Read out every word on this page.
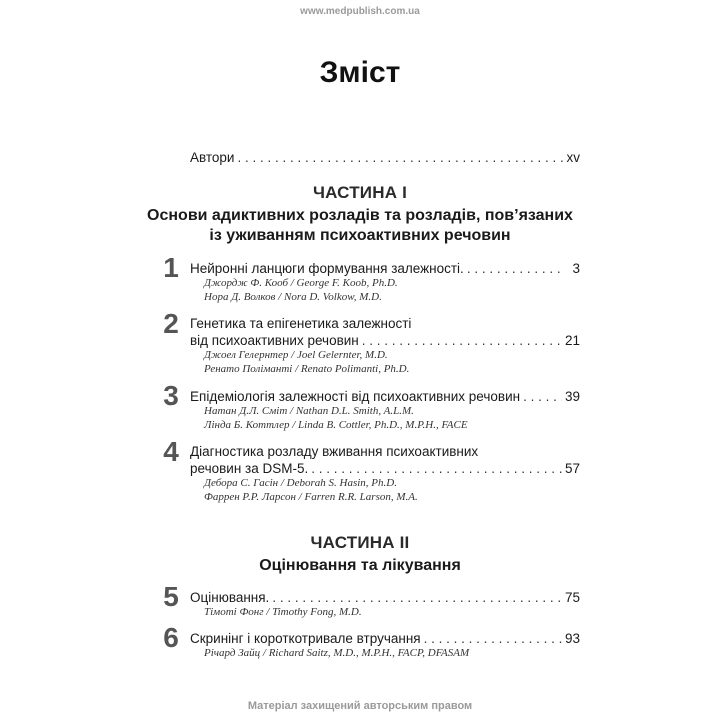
www.medpublish.com.ua
Зміст
Автори . . .	xv
ЧАСТИНА I
Основи адиктивних розладів та розладів, пов’язаних
із уживанням психоактивних речовин
1 Нейронні ланцюги формування залежності. . . .	3
Джордж Ф. Кооб / George F. Koob, Ph.D.
Нора Д. Волков / Nora D. Volkow, M.D.
2 Генетика та епігенетика залежності
від психоактивних речовин . . .	21
Джоел Гелернтер / Joel Gelernter, M.D.
Ренато Поліманті / Renato Polimanti, Ph.D.
3 Епідеміологія залежності від психоактивних речовин . . .	39
Натан Д.Л. Сміт / Nathan D.L. Smith, A.L.M.
Лінда Б. Коттлер / Linda B. Cottler, Ph.D., M.P.H., FACE
4 Діагностика розладу вживання психоактивних
речовин за DSM-5. . . .	57
Дебора С. Гасін / Deborah S. Hasin, Ph.D.
Фаррен Р.Р. Ларсон / Farren R.R. Larson, M.A.
ЧАСТИНА II
Оцінювання та лікування
5 Оцінювання. . . .	75
Тімоті Фонг / Timothy Fong, M.D.
6 Скринінг і короткотривале втручання . . .	93
Річард Зайц / Richard Saitz, M.D., M.P.H., FACP, DFASAM
Матеріал захищений авторським правом
